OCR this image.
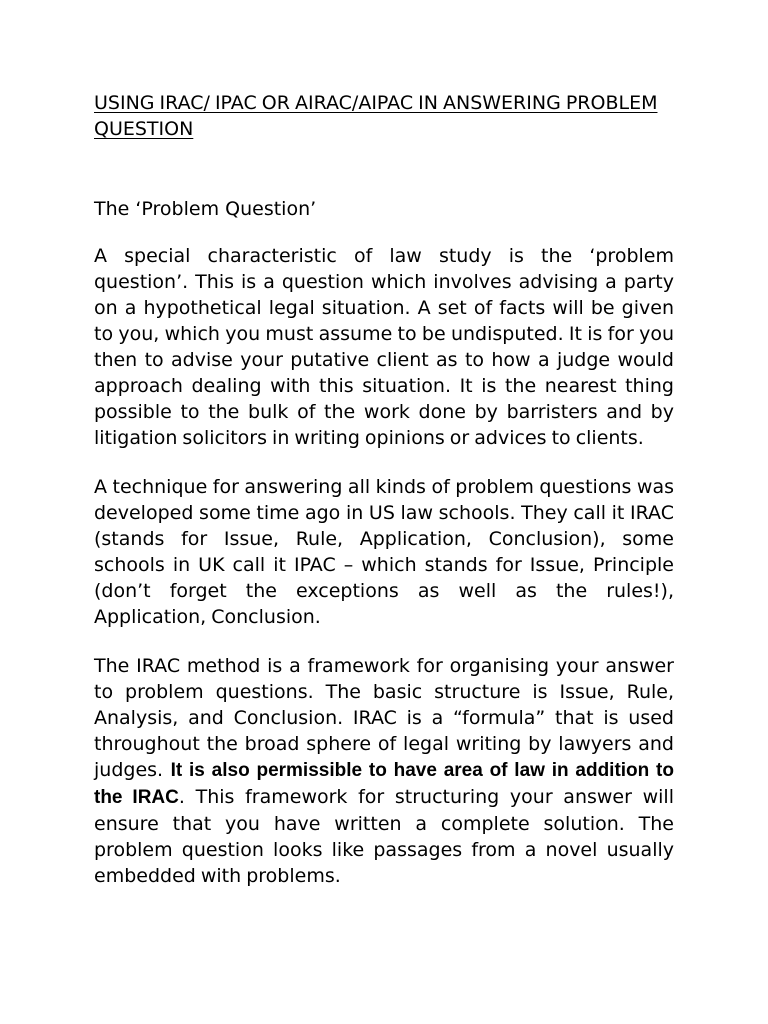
USING IRAC/ IPAC OR AIRAC/AIPAC IN ANSWERING PROBLEM QUESTION
The ‘Problem Question’

A special characteristic of law study is the ‘problem question’. This is a question which involves advising a party on a hypothetical legal situation. A set of facts will be given to you, which you must assume to be undisputed. It is for you then to advise your putative client as to how a judge would approach dealing with this situation. It is the nearest thing possible to the bulk of the work done by barristers and by litigation solicitors in writing opinions or advices to clients.

A technique for answering all kinds of problem questions was developed some time ago in US law schools. They call it IRAC (stands for Issue, Rule, Application, Conclusion), some schools in UK call it IPAC – which stands for Issue, Principle (don’t forget the exceptions as well as the rules!), Application, Conclusion.

The IRAC method is a framework for organising your answer to problem questions. The basic structure is Issue, Rule, Analysis, and Conclusion. IRAC is a “formula” that is used throughout the broad sphere of legal writing by lawyers and judges. It is also permissible to have area of law in addition to the IRAC. This framework for structuring your answer will ensure that you have written a complete solution. The problem question looks like passages from a novel usually embedded with problems.
